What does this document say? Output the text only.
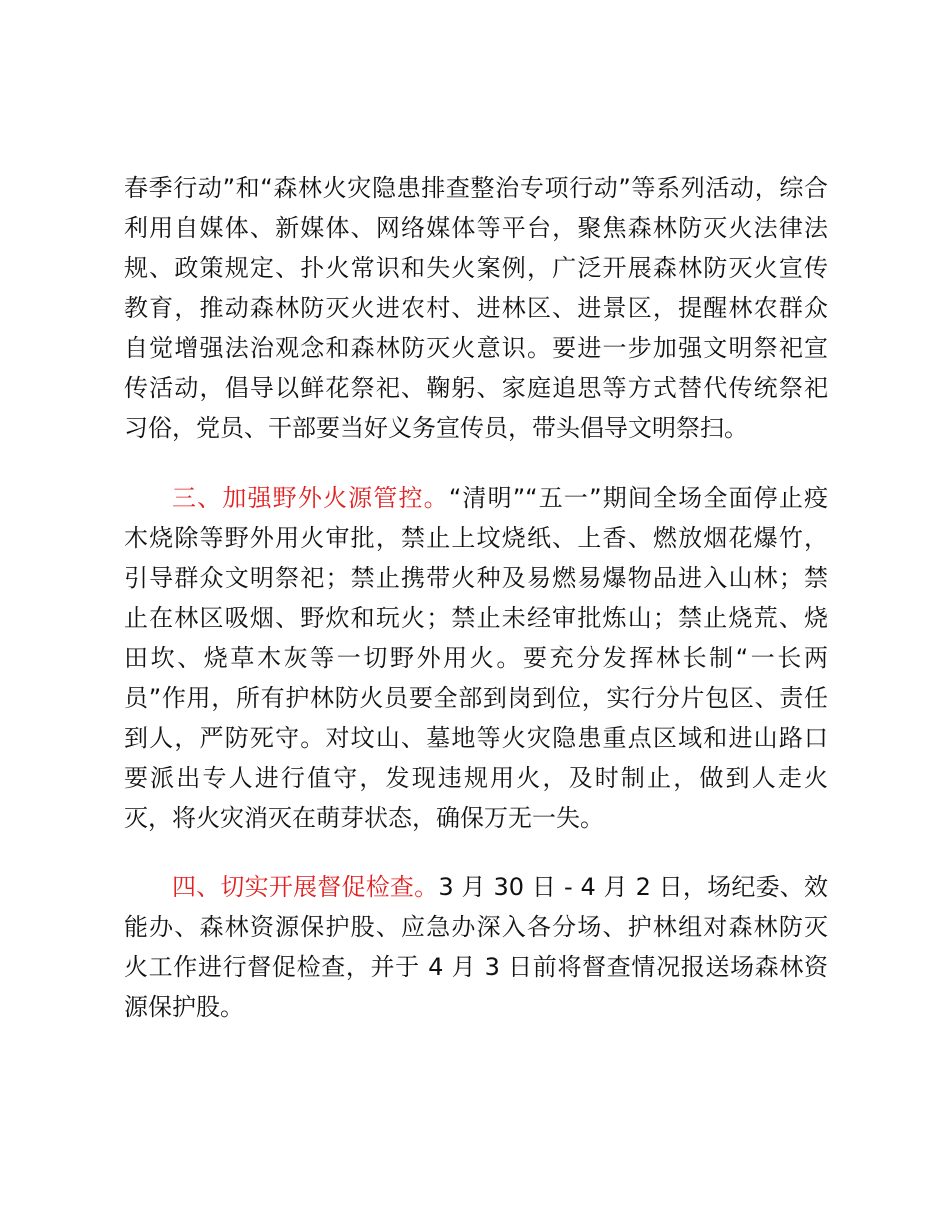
春季行动”和“森林火灾隐患排查整治专项行动”等系列活动，综合
利用自媒体、新媒体、网络媒体等平台，聚焦森林防灭火法律法
规、政策规定、扑火常识和失火案例，广泛开展森林防灭火宣传
教育，推动森林防灭火进农村、进林区、进景区，提醒林农群众
自觉增强法治观念和森林防灭火意识。要进一步加强文明祭祀宣
传活动，倡导以鲜花祭祀、鞠躬、家庭追思等方式替代传统祭祀
习俗，党员、干部要当好义务宣传员，带头倡导文明祭扫。
三、加强野外火源管控。“清明”“五一”期间全场全面停止疫
木烧除等野外用火审批，禁止上坟烧纸、上香、燃放烟花爆竹，
引导群众文明祭祀；禁止携带火种及易燃易爆物品进入山林；禁
止在林区吸烟、野炊和玩火；禁止未经审批炼山；禁止烧荒、烧
田坎、烧草木灰等一切野外用火。要充分发挥林长制“一长两
员”作用，所有护林防火员要全部到岗到位，实行分片包区、责任
到人，严防死守。对坟山、墓地等火灾隐患重点区域和进山路口
要派出专人进行值守，发现违规用火，及时制止，做到人走火
灭，将火灾消灭在萌芽状态，确保万无一失。
四、切实开展督促检查。3 月 30 日 - 4 月 2 日，场纪委、效
能办、森林资源保护股、应急办深入各分场、护林组对森林防灭
火工作进行督促检查，并于 4 月 3 日前将督查情况报送场森林资
源保护股。
